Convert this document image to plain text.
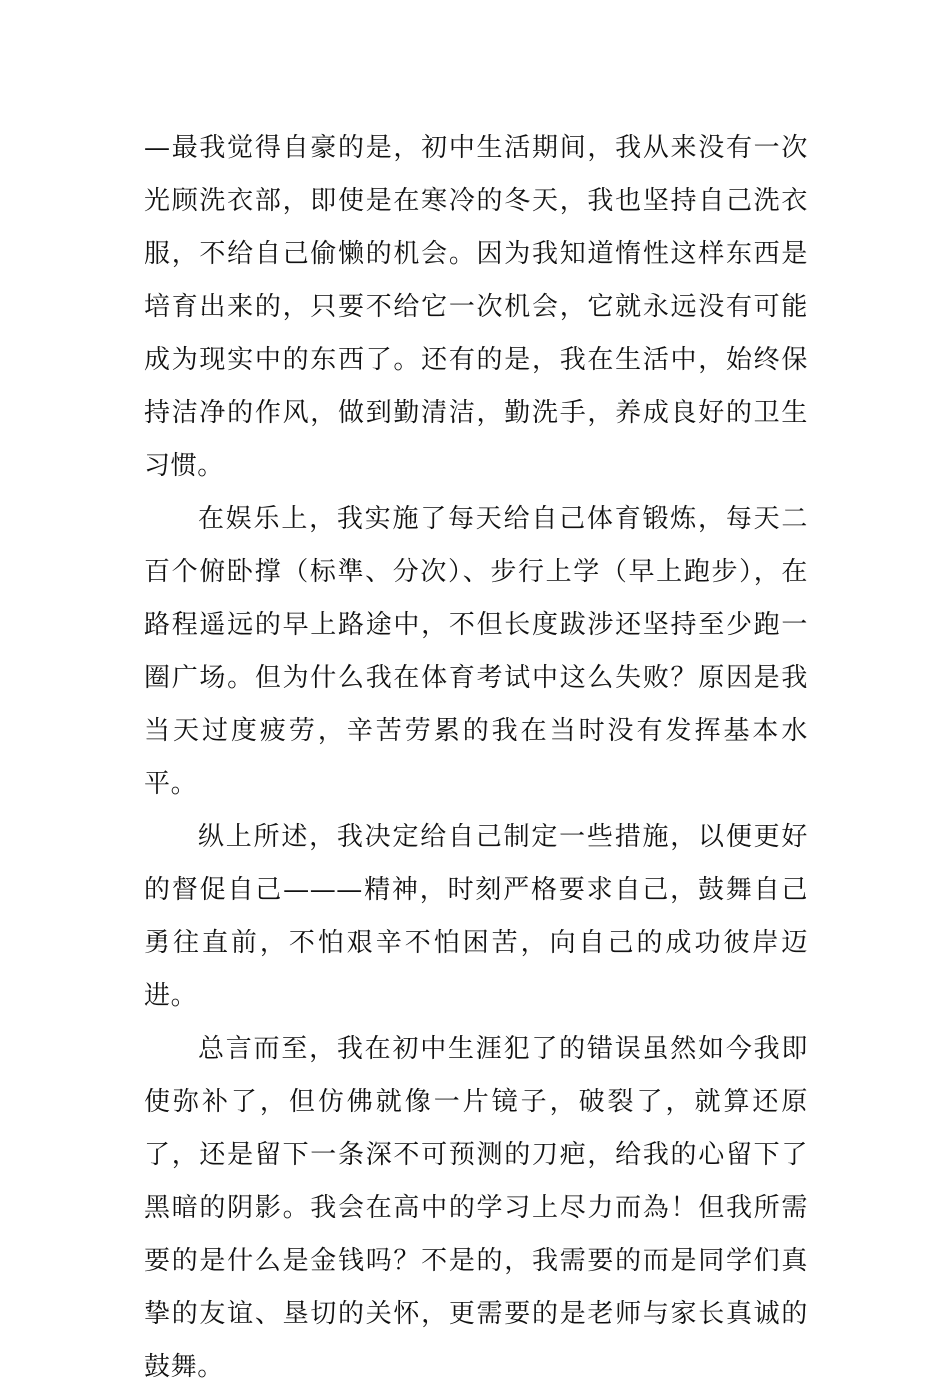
—最我觉得自豪的是，初中生活期间，我从来没有一次光顾洗衣部，即使是在寒冷的冬天，我也坚持自己洗衣服，不给自己偷懒的机会。因为我知道惰性这样东西是培育出来的，只要不给它一次机会，它就永远没有可能成为现实中的东西了。还有的是，我在生活中，始终保持洁净的作风，做到勤清洁，勤洗手，养成良好的卫生习惯。

在娱乐上，我实施了每天给自己体育锻炼，每天二百个俯卧撑（标準、分次）、步行上学（早上跑步），在路程遥远的早上路途中，不但长度跋涉还坚持至少跑一圈广场。但为什么我在体育考试中这么失败？原因是我当天过度疲劳，辛苦劳累的我在当时没有发挥基本水平。

纵上所述，我决定给自己制定一些措施，以便更好的督促自己———精神，时刻严格要求自己，鼓舞自己勇往直前，不怕艰辛不怕困苦，向自己的成功彼岸迈进。

总言而至，我在初中生涯犯了的错误虽然如今我即使弥补了，但仿佛就像一片镜子，破裂了，就算还原了，还是留下一条深不可预测的刀疤，给我的心留下了黑暗的阴影。我会在高中的学习上尽力而為！但我所需要的是什么是金钱吗？不是的，我需要的而是同学们真挚的友谊、垦切的关怀，更需要的是老师与家长真诚的鼓舞。
